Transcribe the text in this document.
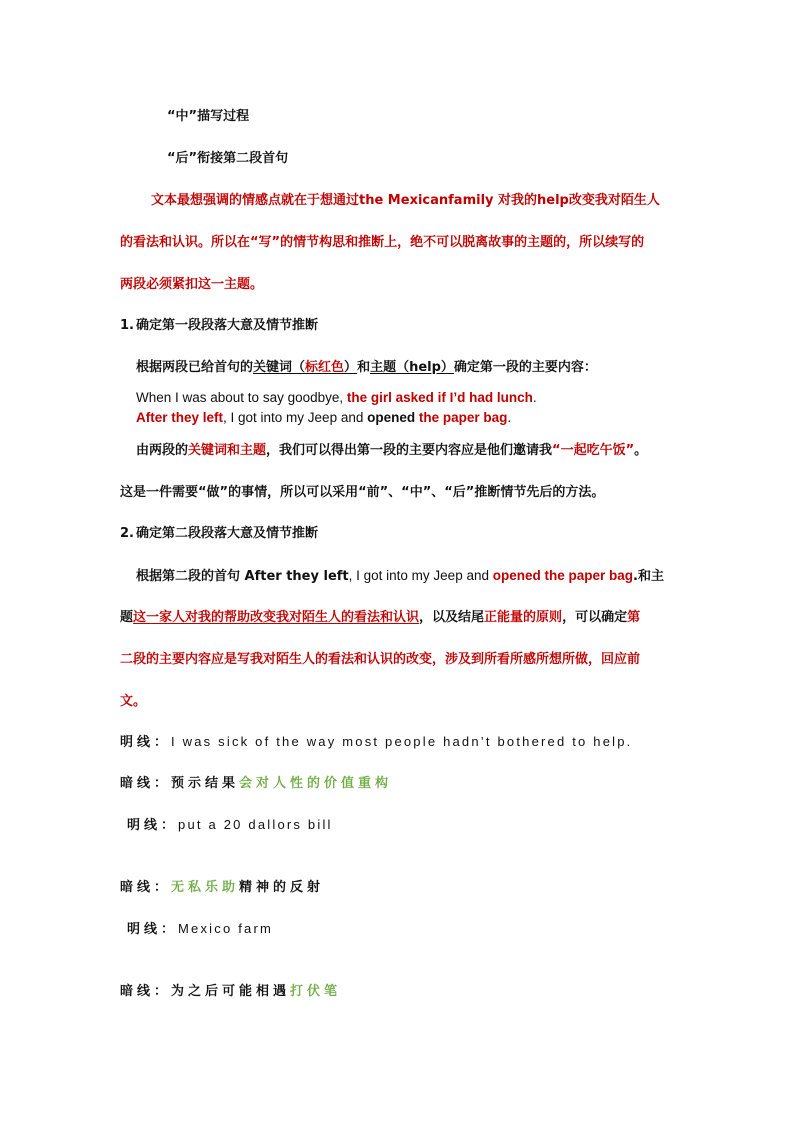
“中”描写过程
“后”衔接第二段首句
文本最想强调的情感点就在于想通过the Mexicanfamily 对我的help改变我对陌生人
的看法和认识。所以在“写”的情节构思和推断上，绝不可以脱离故事的主题的，所以续写的
两段必须紧扣这一主题。
1. 确定第一段段落大意及情节推断
根据两段已给首句的关键词（标红色）和主题（help）确定第一段的主要内容：
When I was about to say goodbye, the girl asked if I’d had lunch.
After they left, I got into my Jeep and opened the paper bag.
由两段的关键词和主题，我们可以得出第一段的主要内容应是他们邀请我“一起吃午饭”。
这是一件需要“做”的事情，所以可以采用“前”、“中”、“后”推断情节先后的方法。
2. 确定第二段段落大意及情节推断
根据第二段的首句 After they left, I got into my Jeep and opened the paper bag.和主
题这一家人对我的帮助改变我对陌生人的看法和认识，以及结尾正能量的原则，可以确定第
二段的主要内容应是写我对陌生人的看法和认识的改变，涉及到所看所感所想所做，回应前
文。
明线：I was sick of the way most people hadn’t bothered to help.
暗线：预示结果会对人性的价值重构
明线：put a 20 dallors bill
暗线：无私乐助精神的反射
明线：Mexico farm
暗线：为之后可能相遇打伏笔
